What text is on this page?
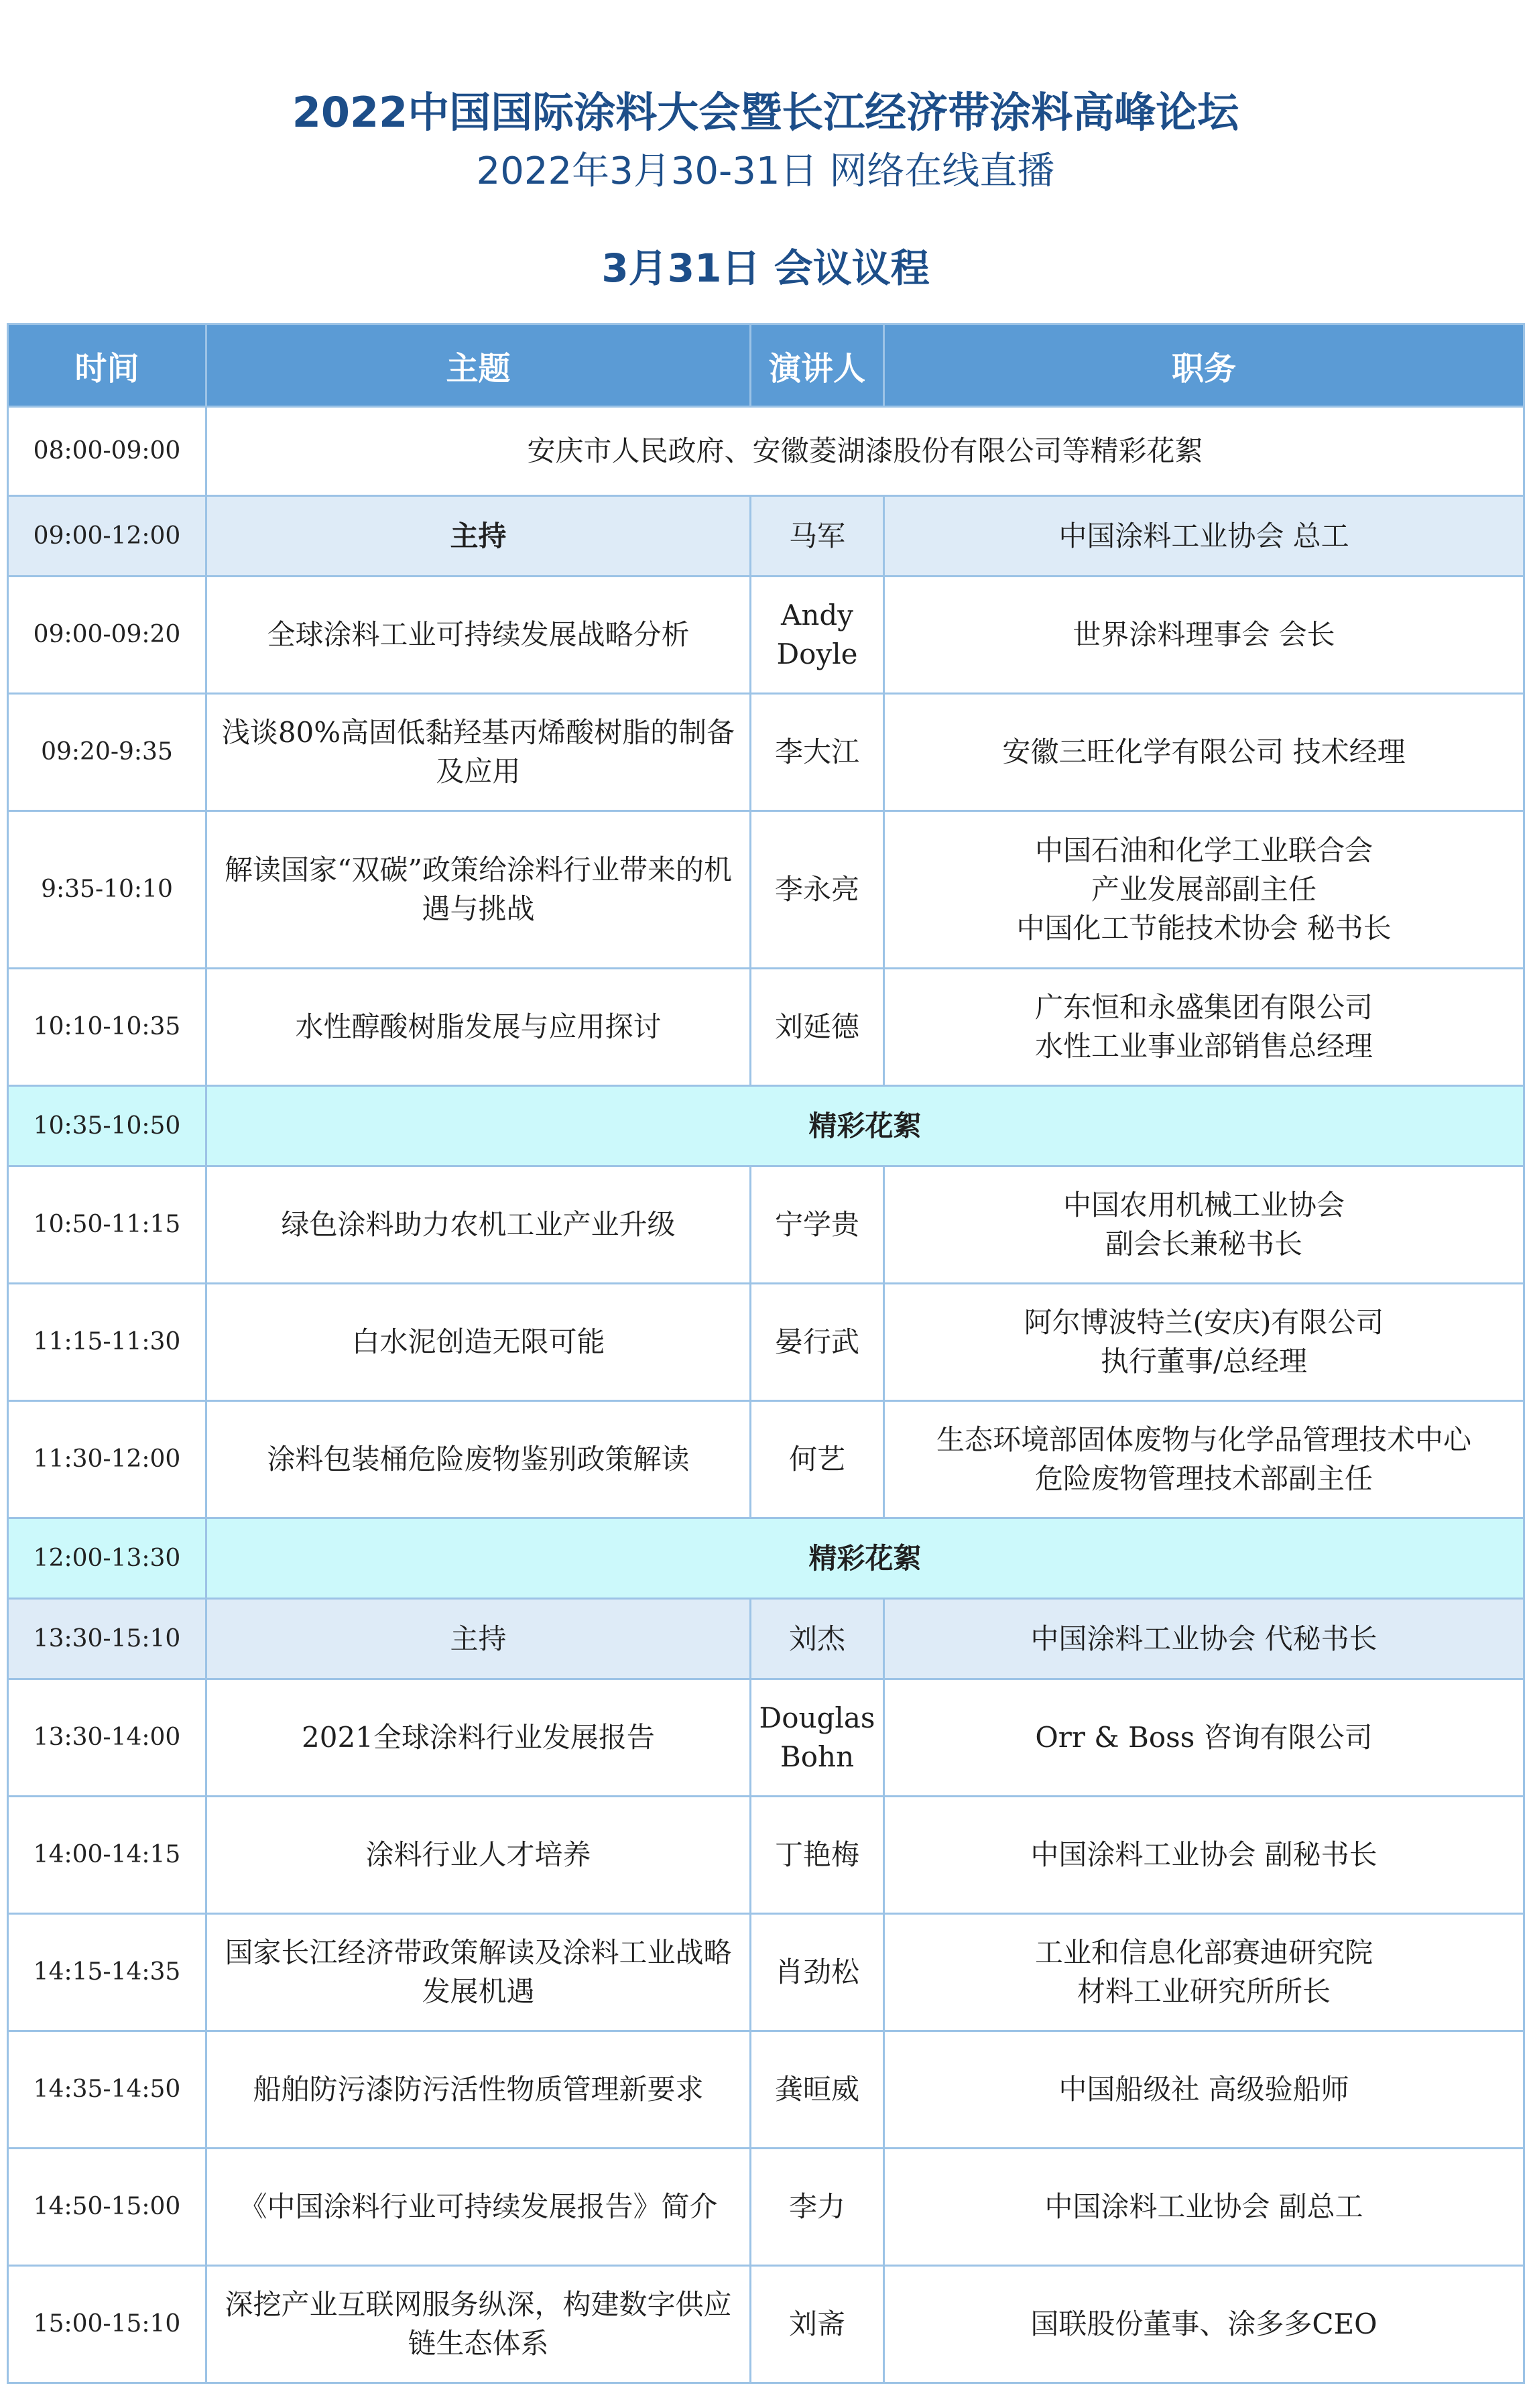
2022中国国际涂料大会暨长江经济带涂料高峰论坛
2022年3月30-31日 网络在线直播
3月31日 会议议程
时间	主题	演讲人	职务
08:00-09:00	安庆市人民政府、安徽菱湖漆股份有限公司等精彩花絮		
09:00-12:00	主持	马军	中国涂料工业协会 总工

09:00-09:20	全球涂料工业可持续发展战略分析	Andy Doyle	世界涂料理事会 会长

09:20-9:35	浅谈80%高固低黏羟基丙烯酸树脂的制备及应用	李大江	安徽三旺化学有限公司 技术经理

9:35-10:10	解读国家“双碳”政策给涂料行业带来的机遇与挑战	李永亮	中国石油和化学工业联合会
产业发展部副主任
中国化工节能技术协会 秘书长

10:10-10:35	水性醇酸树脂发展与应用探讨	刘延德	广东恒和永盛集团有限公司
水性工业事业部销售总经理

10:35-10:50	精彩花絮		
10:50-11:15	绿色涂料助力农机工业产业升级	宁学贵	中国农用机械工业协会
副会长兼秘书长

11:15-11:30	白水泥创造无限可能	晏行武	阿尔博波特兰(安庆)有限公司
执行董事/总经理

11:30-12:00	涂料包装桶危险废物鉴别政策解读	何艺	生态环境部固体废物与化学品管理技术中心
危险废物管理技术部副主任

12:00-13:30	精彩花絮		
13:30-15:10	主持	刘杰	中国涂料工业协会 代秘书长

13:30-14:00	2021全球涂料行业发展报告	Douglas Bohn	Orr & Boss 咨询有限公司

14:00-14:15	涂料行业人才培养	丁艳梅	中国涂料工业协会 副秘书长

14:15-14:35	国家长江经济带政策解读及涂料工业战略发展机遇	肖劲松	工业和信息化部赛迪研究院
材料工业研究所所长

14:35-14:50	船舶防污漆防污活性物质管理新要求	龚晅威	中国船级社 高级验船师

14:50-15:00	《中国涂料行业可持续发展报告》简介	李力	中国涂料工业协会 副总工

15:00-15:10	深挖产业互联网服务纵深，构建数字供应链生态体系	刘斋	国联股份董事、涂多多CEO
